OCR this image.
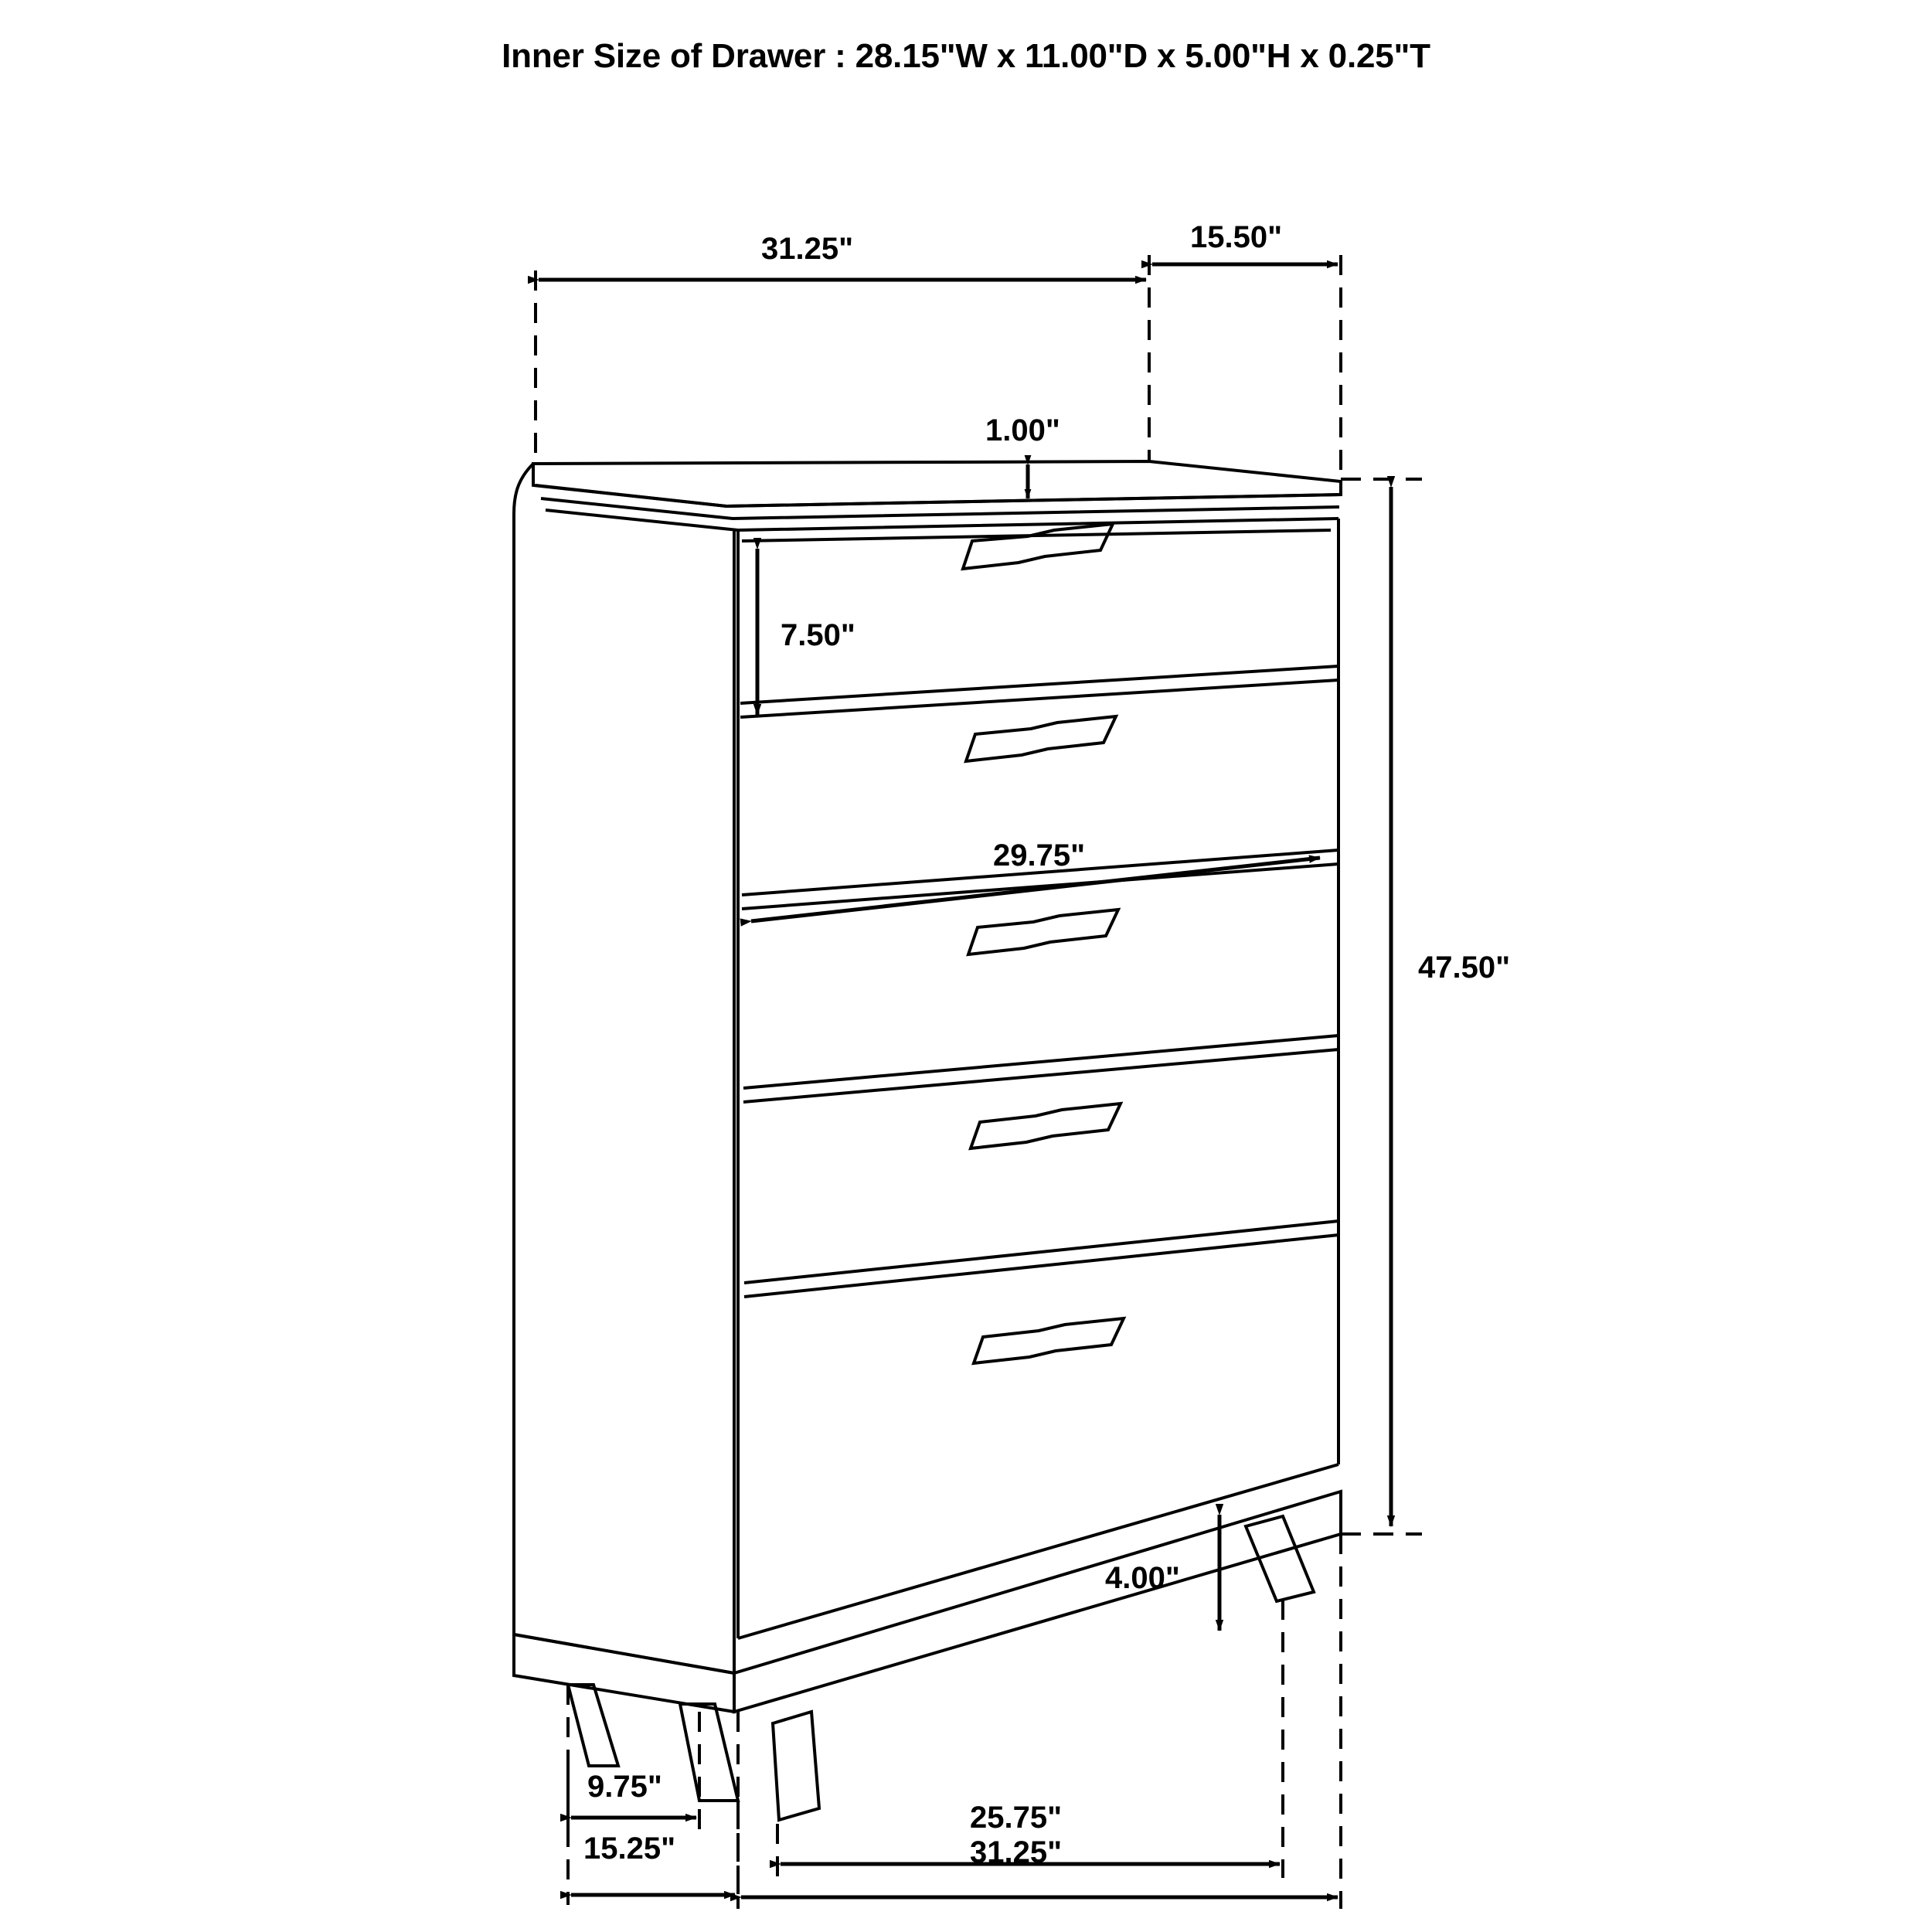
Inner Size of Drawer : 28.15"W x 11.00"D x 5.00"H x 0.25"T
31.25"	15.50"
1.00"
7.50"
29.75"
47.50"
4.00"
9.75"
15.25"
25.75"
31.25"
